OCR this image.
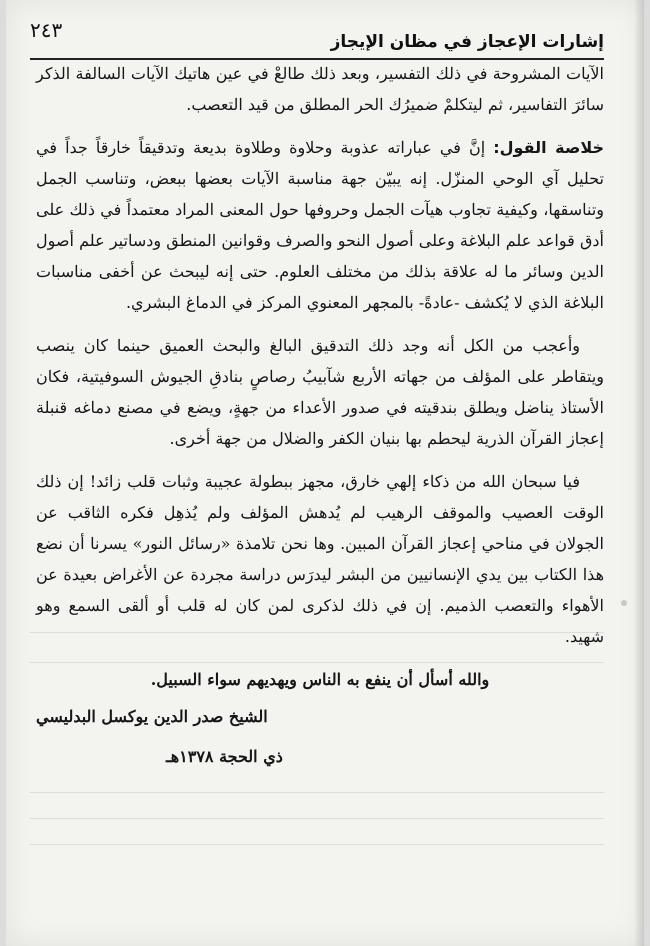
إشارات الإعجاز في مظان الإيجاز
٢٤٣

الآيات المشروحة في ذلك التفسير، وبعد ذلك طالعْ في عين هاتيك الآيات السالفة الذكر سائرَ التفاسير، ثم ليتكلمْ ضميرُك الحر المطلق من قيد التعصب.

خلاصة القول: إنَّ في عباراته عذوبة وحلاوة وطلاوة بديعة وتدقيقاً خارقاً جداً في تحليل آي الوحي المنزّل. إنه يبيّن جهة مناسبة الآيات بعضها ببعض، وتناسب الجمل وتناسقها، وكيفية تجاوب هيآت الجمل وحروفها حول المعنى المراد معتمداً في ذلك على أدق قواعد علم البلاغة وعلى أصول النحو والصرف وقوانين المنطق ودساتير علم أصول الدين وسائر ما له علاقة بذلك من مختلف العلوم. حتى إنه ليبحث عن أخفى مناسبات البلاغة الذي لا يُكشف -عادةً- بالمجهر المعنوي المركز في الدماغ البشري.

وأعجب من الكل أنه وجد ذلك التدقيق البالغ والبحث العميق حينما كان ينصب ويتقاطر على المؤلف من جهاته الأربع شآبيبُ رصاصٍ بنادقِ الجيوش السوفيتية، فكان الأستاذ يناضل ويطلق بندقيته في صدور الأعداء من جهةٍ، ويضع في مصنع دماغه قنبلة إعجاز القرآن الذرية ليحطم بها بنيان الكفر والضلال من جهة أخرى.

فيا سبحان الله من ذكاء إلهي خارق، مجهز ببطولة عجيبة وثبات قلب زائد! إن ذلك الوقت العصيب والموقف الرهيب لم يُدهش المؤلف ولم يُذهِل فكره الثاقب عن الجولان في مناحي إعجاز القرآن المبين. وها نحن تلامذة «رسائل النور» يسرنا أن نضع هذا الكتاب بين يدي الإنسانيين من البشر ليدرَس دراسة مجردة عن الأغراض بعيدة عن الأهواء والتعصب الذميم. إن في ذلك لذكرى لمن كان له قلب أو ألقى السمع وهو شهيد.

والله أسأل أن ينفع به الناس ويهديهم سواء السبيل.

الشيخ صدر الدين يوكسل البدليسي
ذي الحجة ١٣٧٨هـ
